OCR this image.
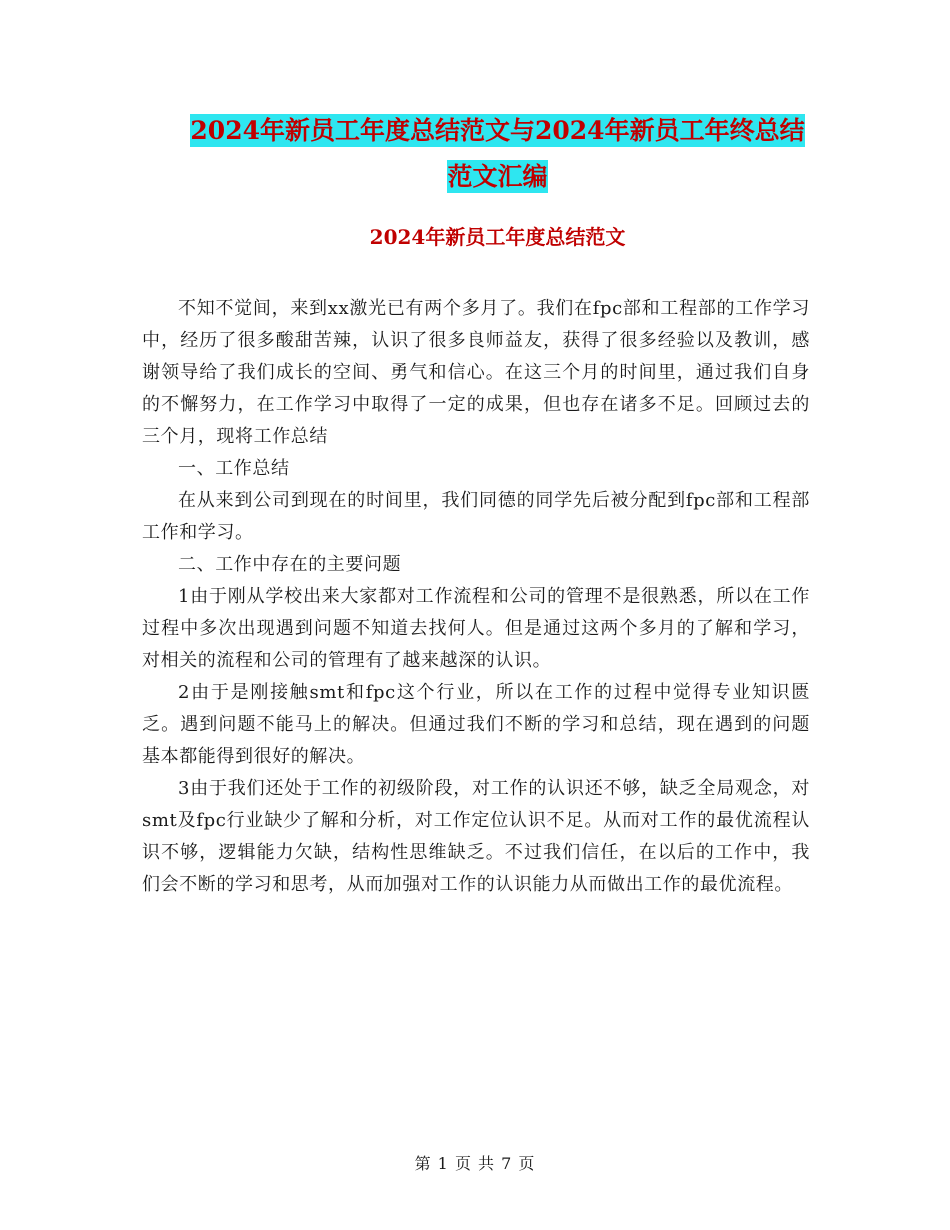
2024年新员工年度总结范文与2024年新员工年终总结
范文汇编
2024年新员工年度总结范文

不知不觉间，来到xx激光已有两个多月了。我们在fpc部和工程部的工作学习中，经历了很多酸甜苦辣，认识了很多良师益友，获得了很多经验以及教训，感谢领导给了我们成长的空间、勇气和信心。在这三个月的时间里，通过我们自身的不懈努力，在工作学习中取得了一定的成果，但也存在诸多不足。回顾过去的三个月，现将工作总结

一、工作总结

在从来到公司到现在的时间里，我们同德的同学先后被分配到fpc部和工程部工作和学习。

二、工作中存在的主要问题

1由于刚从学校出来大家都对工作流程和公司的管理不是很熟悉，所以在工作过程中多次出现遇到问题不知道去找何人。但是通过这两个多月的了解和学习，对相关的流程和公司的管理有了越来越深的认识。

2由于是刚接触smt和fpc这个行业，所以在工作的过程中觉得专业知识匮乏。遇到问题不能马上的解决。但通过我们不断的学习和总结，现在遇到的问题基本都能得到很好的解决。

3由于我们还处于工作的初级阶段，对工作的认识还不够，缺乏全局观念，对smt及fpc行业缺少了解和分析，对工作定位认识不足。从而对工作的最优流程认识不够，逻辑能力欠缺，结构性思维缺乏。不过我们信任，在以后的工作中，我们会不断的学习和思考，从而加强对工作的认识能力从而做出工作的最优流程。

第 1 页 共 7 页
